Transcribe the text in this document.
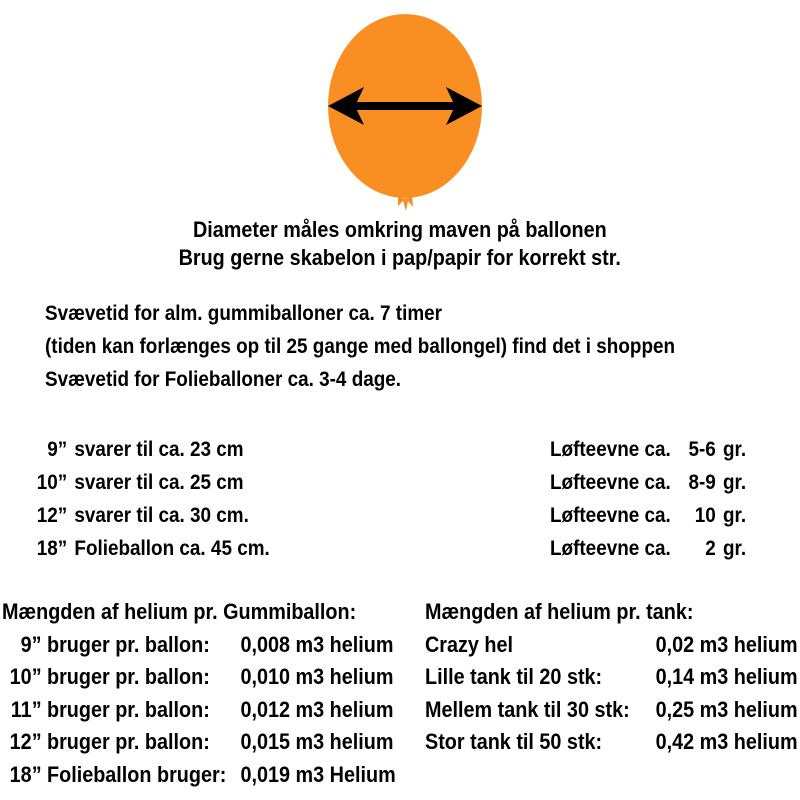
Diameter måles omkring maven på ballonen
Brug gerne skabelon i pap/papir for korrekt str.
Svævetid for alm. gummiballoner ca. 7 timer
(tiden kan forlænges op til 25 gange med ballongel) find det i shoppen
Svævetid for Folieballoner ca. 3-4 dage.
9” svarer til ca. 23 cm	Løfteevne ca. 5-6 gr.
10” svarer til ca. 25 cm	Løfteevne ca. 8-9 gr.
12” svarer til ca. 30 cm.	Løfteevne ca. 10 gr.
18” Folieballon ca. 45 cm.	Løfteevne ca. 2 gr.
Mængden af helium pr. Gummiballon:
9” bruger pr. ballon: 0,008 m3 helium
10” bruger pr. ballon: 0,010 m3 helium
11” bruger pr. ballon: 0,012 m3 helium
12” bruger pr. ballon: 0,015 m3 helium
18” Folieballon bruger: 0,019 m3 Helium
Mængden af helium pr. tank:
Crazy hel	0,02 m3 helium
Lille tank til 20 stk: 0,14 m3 helium
Mellem tank til 30 stk: 0,25 m3 helium
Stor tank til 50 stk: 0,42 m3 helium
